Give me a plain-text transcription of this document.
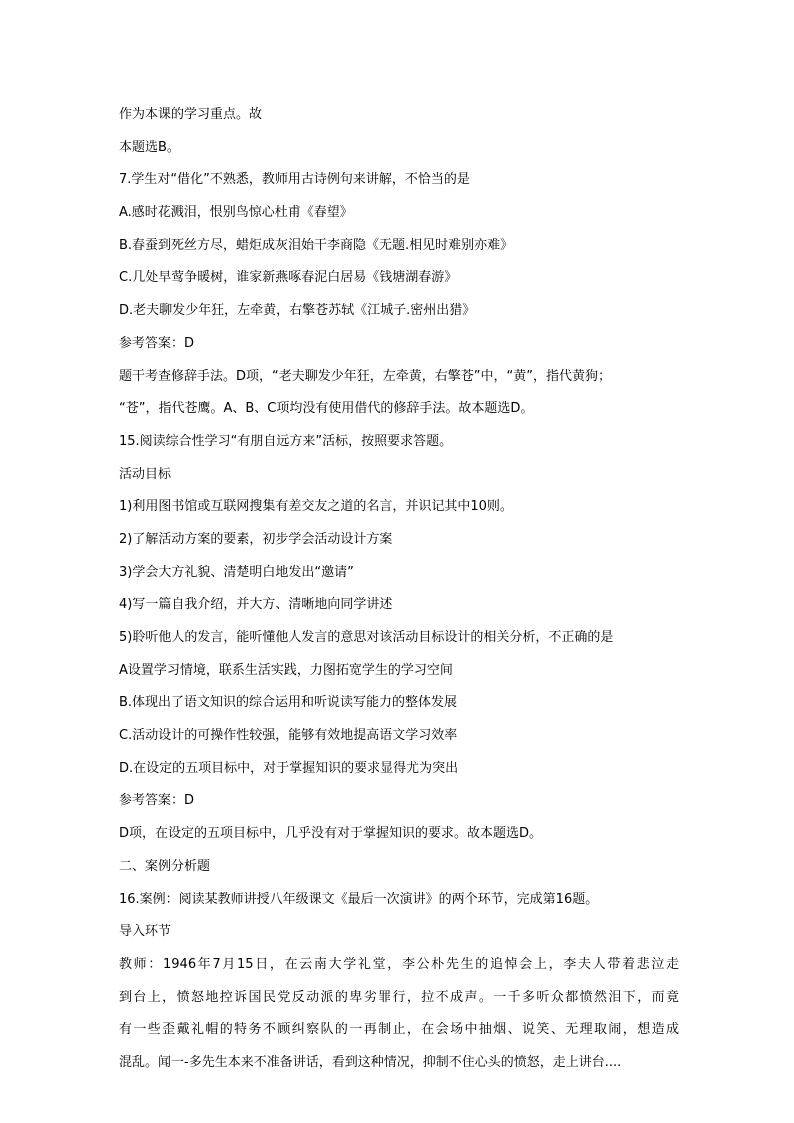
作为本课的学习重点。故
本题选B。
7.学生对“借化”不熟悉，教师用古诗例句来讲解，不恰当的是
A.感时花溅泪，恨别鸟惊心杜甫《春望》
B.春蚕到死丝方尽，蜡炬成灰泪始干李商隐《无题.相见时难别亦难》
C.几处早莺争暖树，谁家新燕啄春泥白居易《钱塘湖春游》
D.老夫聊发少年狂，左牵黄，右擎苍苏轼《江城子.密州出猎》
参考答案：D
题干考查修辞手法。D项，“老夫聊发少年狂，左牵黄，右擎苍”中，“黄”，指代黄狗；
“苍”，指代苍鹰。A、B、C项均没有使用借代的修辞手法。故本题选D。
15.阅读综合性学习“有朋自远方来”活标，按照要求答题。
活动目标
1)利用图书馆或互联网搜集有差交友之道的名言，并识记其中10则。
2)了解活动方案的要素，初步学会活动设计方案
3)学会大方礼貌、清楚明白地发出“邀请”
4)写一篇自我介绍，并大方、清晰地向同学讲述
5)聆听他人的发言，能听懂他人发言的意思对该活动目标设计的相关分析，不正确的是
A设置学习情境，联系生活实践，力图拓宽学生的学习空间
B.体现出了语文知识的综合运用和听说读写能力的整体发展
C.活动设计的可操作性较强，能够有效地提高语文学习效率
D.在设定的五项目标中，对于掌握知识的要求显得尤为突出
参考答案：D
D项，在设定的五项目标中，几乎没有对于掌握知识的要求。故本题选D。
二、案例分析题
16.案例：阅读某教师讲授八年级课文《最后一次演讲》的两个环节，完成第16题。
导入环节
教师：1946年7月15日，在云南大学礼堂，李公朴先生的追悼会上，李夫人带着悲泣走
到台上，愤怒地控诉国民党反动派的卑劣罪行，拉不成声。一千多听众都愤然泪下，而竟
有一些歪戴礼帽的特务不顾纠察队的一再制止，在会场中抽烟、说笑、无理取闹，想造成
混乱。闻一-多先生本来不准备讲话，看到这种情况，抑制不住心头的愤怒，走上讲台....
